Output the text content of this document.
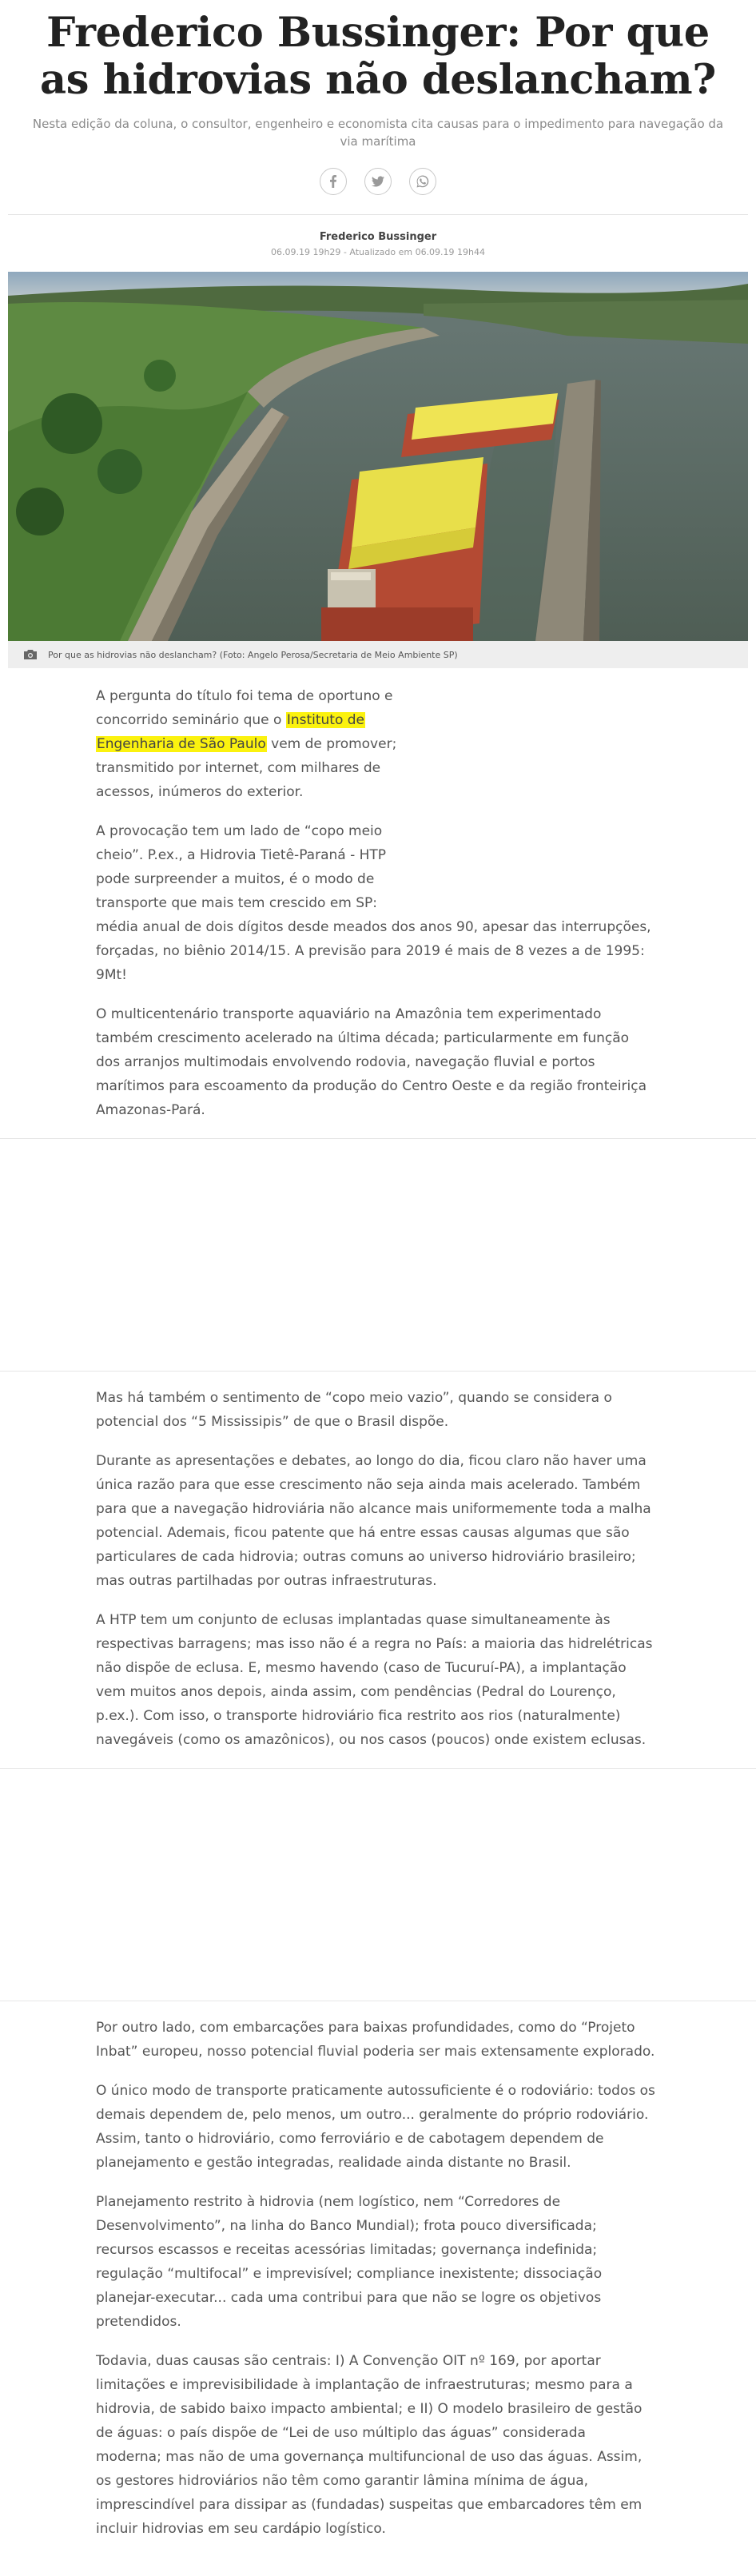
Frederico Bussinger: Por que as hidrovias não deslancham?
Nesta edição da coluna, o consultor, engenheiro e economista cita causas para o impedimento para navegação da via marítima
Frederico Bussinger
06.09.19 19h29 - Atualizado em 06.09.19 19h44
Por que as hidrovias não deslancham? (Foto: Angelo Perosa/Secretaria de Meio Ambiente SP)

A pergunta do título foi tema de oportuno e
concorrido seminário que o Instituto de
Engenharia de São Paulo vem de promover;
transmitido por internet, com milhares de
acessos, inúmeros do exterior.

A provocação tem um lado de “copo meio
cheio”. P.ex., a Hidrovia Tietê-Paraná - HTP
pode surpreender a muitos, é o modo de
transporte que mais tem crescido em SP:
média anual de dois dígitos desde meados dos anos 90, apesar das interrupções, forçadas, no biênio 2014/15. A previsão para 2019 é mais de 8 vezes a de 1995: 9Mt!

O multicentenário transporte aquaviário na Amazônia tem experimentado também crescimento acelerado na última década; particularmente em função dos arranjos multimodais envolvendo rodovia, navegação fluvial e portos marítimos para escoamento da produção do Centro Oeste e da região fronteiriça Amazonas-Pará.

Mas há também o sentimento de “copo meio vazio”, quando se considera o potencial dos “5 Mississipis” de que o Brasil dispõe.

Durante as apresentações e debates, ao longo do dia, ficou claro não haver uma única razão para que esse crescimento não seja ainda mais acelerado. Também para que a navegação hidroviária não alcance mais uniformemente toda a malha potencial. Ademais, ficou patente que há entre essas causas algumas que são particulares de cada hidrovia; outras comuns ao universo hidroviário brasileiro; mas outras partilhadas por outras infraestruturas.

A HTP tem um conjunto de eclusas implantadas quase simultaneamente às respectivas barragens; mas isso não é a regra no País: a maioria das hidrelétricas não dispõe de eclusa. E, mesmo havendo (caso de Tucuruí-PA), a implantação vem muitos anos depois, ainda assim, com pendências (Pedral do Lourenço, p.ex.). Com isso, o transporte hidroviário fica restrito aos rios (naturalmente) navegáveis (como os amazônicos), ou nos casos (poucos) onde existem eclusas.

Por outro lado, com embarcações para baixas profundidades, como do “Projeto Inbat” europeu, nosso potencial fluvial poderia ser mais extensamente explorado.

O único modo de transporte praticamente autossuficiente é o rodoviário: todos os demais dependem de, pelo menos, um outro... geralmente do próprio rodoviário. Assim, tanto o hidroviário, como ferroviário e de cabotagem dependem de planejamento e gestão integradas, realidade ainda distante no Brasil.

Planejamento restrito à hidrovia (nem logístico, nem “Corredores de Desenvolvimento”, na linha do Banco Mundial); frota pouco diversificada; recursos escassos e receitas acessórias limitadas; governança indefinida; regulação “multifocal” e imprevisível; compliance inexistente; dissociação planejar-executar... cada uma contribui para que não se logre os objetivos pretendidos.

Todavia, duas causas são centrais: I) A Convenção OIT nº 169, por aportar limitações e imprevisibilidade à implantação de infraestruturas; mesmo para a hidrovia, de sabido baixo impacto ambiental; e II) O modelo brasileiro de gestão de águas: o país dispõe de “Lei de uso múltiplo das águas” considerada moderna; mas não de uma governança multifuncional de uso das águas. Assim, os gestores hidroviários não têm como garantir lâmina mínima de água, imprescindível para dissipar as (fundadas) suspeitas que embarcadores têm em incluir hidrovias em seu cardápio logístico.
